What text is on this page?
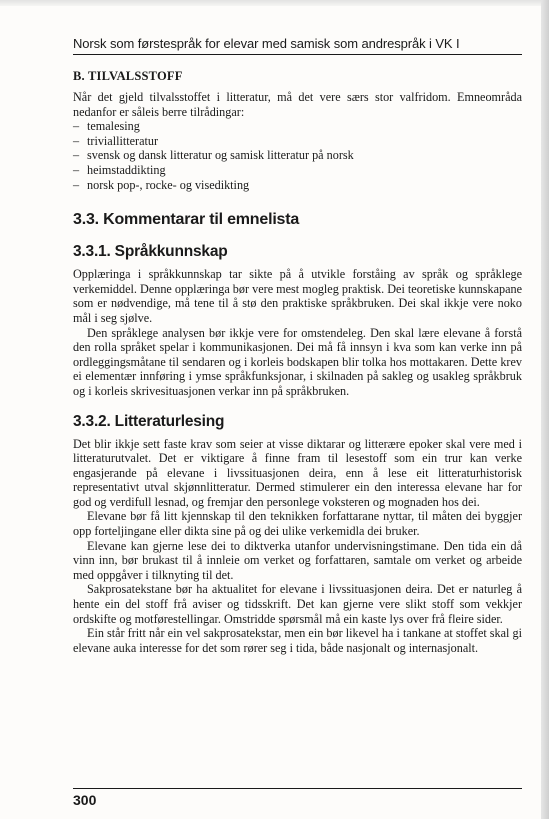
Norsk som førstespråk for elevar med samisk som andrespråk i VK I
B. TILVALSSTOFF

Når det gjeld tilvalsstoffet i litteratur, må det vere særs stor valfridom. Emneområda nedanfor er såleis berre tilrådingar:

– temalesing
– triviallitteratur
– svensk og dansk litteratur og samisk litteratur på norsk
– heimstaddikting
– norsk pop-, rocke- og visedikting
3.3. Kommentarar til emnelista
3.3.1. Språkkunnskap

Opplæringa i språkkunnskap tar sikte på å utvikle forståing av språk og språklege verkemiddel. Denne opplæringa bør vere mest mogleg praktisk. Dei teoretiske kunnskapane som er nødvendige, må tene til å stø den praktiske språkbruken. Dei skal ikkje vere noko mål i seg sjølve.

Den språklege analysen bør ikkje vere for omstendeleg. Den skal lære elevane å forstå den rolla språket spelar i kommunikasjonen. Dei må få innsyn i kva som kan verke inn på ordleggingsmåtane til sendaren og i korleis bodskapen blir tolka hos mottakaren. Dette krev ei elementær innføring i ymse språkfunksjonar, i skilnaden på sakleg og usakleg språkbruk og i korleis skrivesituasjonen verkar inn på språkbruken.

3.3.2. Litteraturlesing

Det blir ikkje sett faste krav som seier at visse diktarar og litterære epoker skal vere med i litteraturutvalet. Det er viktigare å finne fram til lesestoff som ein trur kan verke engasjerande på elevane i livssituasjonen deira, enn å lese eit litteraturhistorisk representativt utval skjønnlitteratur. Dermed stimulerer ein den interessa elevane har for god og verdifull lesnad, og fremjar den personlege voksteren og mognaden hos dei.

Elevane bør få litt kjennskap til den teknikken forfattarane nyttar, til måten dei byggjer opp forteljingane eller dikta sine på og dei ulike verkemidla dei bruker.

Elevane kan gjerne lese dei to diktverka utanfor undervisningstimane. Den tida ein då vinn inn, bør brukast til å innleie om verket og forfattaren, samtale om verket og arbeide med oppgåver i tilknyting til det.

Sakprosatekstane bør ha aktualitet for elevane i livssituasjonen deira. Det er naturleg å hente ein del stoff frå aviser og tidsskrift. Det kan gjerne vere slikt stoff som vekkjer ordskifte og motførestellingar. Omstridde spørsmål må ein kaste lys over frå fleire sider.

Ein står fritt når ein vel sakprosatekstar, men ein bør likevel ha i tankane at stoffet skal gi elevane auka interesse for det som rører seg i tida, både nasjonalt og internasjonalt.

300
